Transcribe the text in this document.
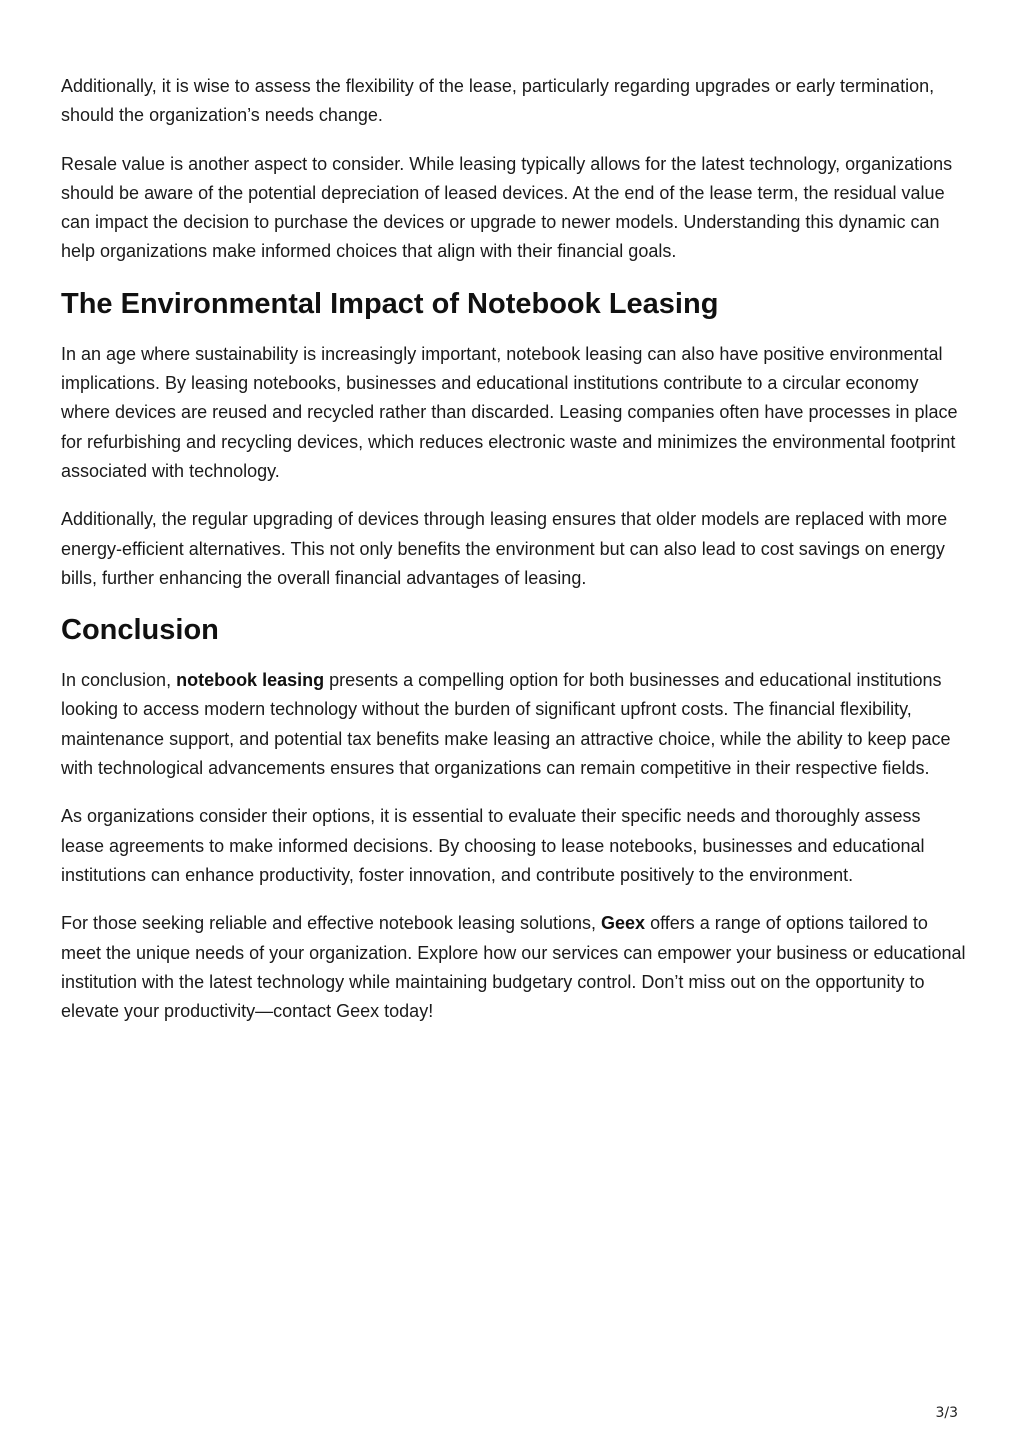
Additionally, it is wise to assess the flexibility of the lease, particularly regarding upgrades or early termination, should the organization’s needs change.

Resale value is another aspect to consider. While leasing typically allows for the latest technology, organizations should be aware of the potential depreciation of leased devices. At the end of the lease term, the residual value can impact the decision to purchase the devices or upgrade to newer models. Understanding this dynamic can help organizations make informed choices that align with their financial goals.

The Environmental Impact of Notebook Leasing

In an age where sustainability is increasingly important, notebook leasing can also have positive environmental implications. By leasing notebooks, businesses and educational institutions contribute to a circular economy where devices are reused and recycled rather than discarded. Leasing companies often have processes in place for refurbishing and recycling devices, which reduces electronic waste and minimizes the environmental footprint associated with technology.

Additionally, the regular upgrading of devices through leasing ensures that older models are replaced with more energy-efficient alternatives. This not only benefits the environment but can also lead to cost savings on energy bills, further enhancing the overall financial advantages of leasing.

Conclusion

In conclusion, notebook leasing presents a compelling option for both businesses and educational institutions looking to access modern technology without the burden of significant upfront costs. The financial flexibility, maintenance support, and potential tax benefits make leasing an attractive choice, while the ability to keep pace with technological advancements ensures that organizations can remain competitive in their respective fields.

As organizations consider their options, it is essential to evaluate their specific needs and thoroughly assess lease agreements to make informed decisions. By choosing to lease notebooks, businesses and educational institutions can enhance productivity, foster innovation, and contribute positively to the environment.

For those seeking reliable and effective notebook leasing solutions, Geex offers a range of options tailored to meet the unique needs of your organization. Explore how our services can empower your business or educational institution with the latest technology while maintaining budgetary control. Don’t miss out on the opportunity to elevate your productivity—contact Geex today!

3/3
